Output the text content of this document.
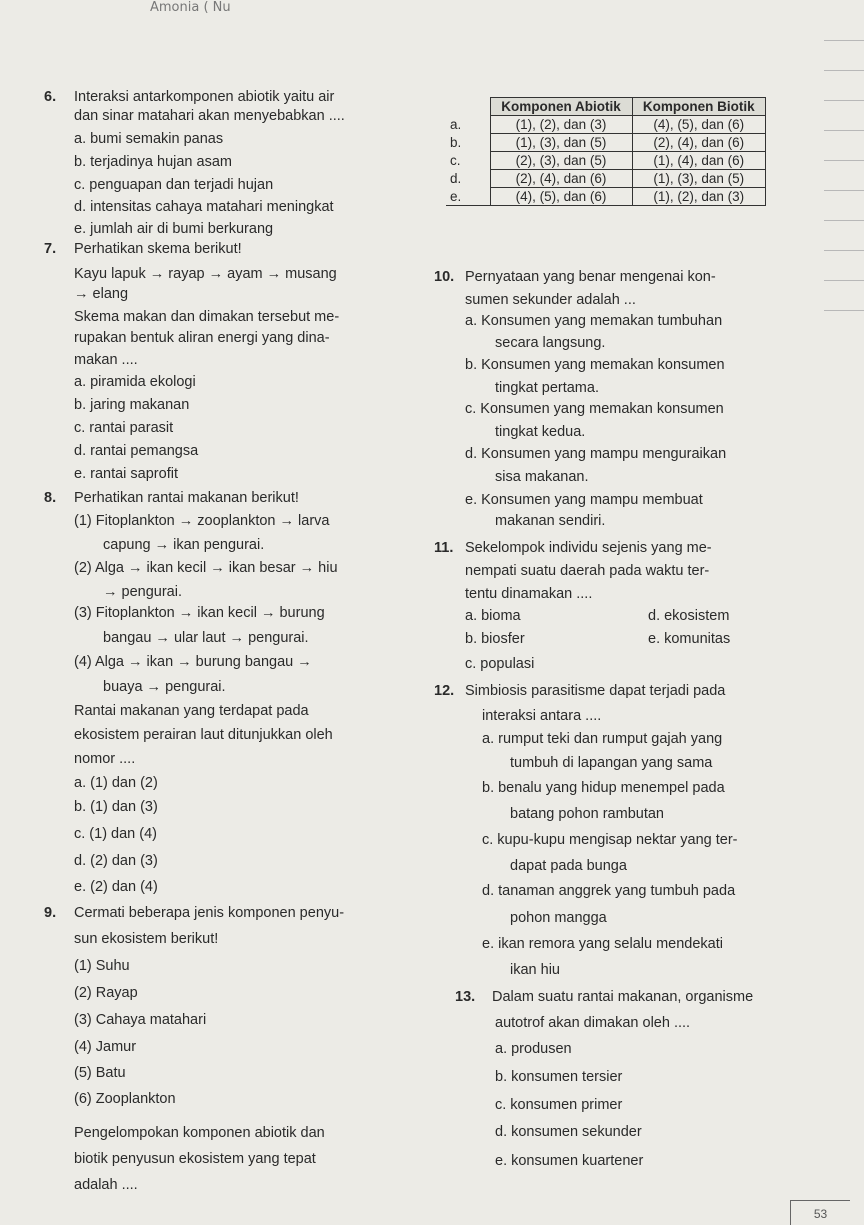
Amonia ( Nu
6. Interaksi antarkomponen abiotik yaitu air
dan sinar matahari akan menyebabkan ....
a. bumi semakin panas
b. terjadinya hujan asam
c. penguapan dan terjadi hujan
d. intensitas cahaya matahari meningkat
e. jumlah air di bumi berkurang
	Komponen Abiotik	Komponen Biotik
a.	(1), (2), dan (3)	(4), (5), dan (6)
b.	(1), (3), dan (5)	(2), (4), dan (6)
c.	(2), (3), dan (5)	(1), (4), dan (6)
d.	(2), (4), dan (6)	(1), (3), dan (5)
e.	(4), (5), dan (6)	(1), (2), dan (3)
7. Perhatikan skema berikut!
Kayu lapuk → rayap → ayam → musang
→ elang
Skema makan dan dimakan tersebut me-
rupakan bentuk aliran energi yang dina-
makan ....
a. piramida ekologi
b. jaring makanan
c. rantai parasit
d. rantai pemangsa
e. rantai saprofit
8. Perhatikan rantai makanan berikut!
(1) Fitoplankton → zooplankton → larva
capung → ikan pengurai.
(2) Alga → ikan kecil → ikan besar → hiu
→ pengurai.
(3) Fitoplankton → ikan kecil → burung
bangau → ular laut → pengurai.
(4) Alga → ikan → burung bangau →
buaya → pengurai.
Rantai makanan yang terdapat pada
ekosistem perairan laut ditunjukkan oleh
nomor ....
a. (1) dan (2)
b. (1) dan (3)
c. (1) dan (4)
d. (2) dan (3)
e. (2) dan (4)
9. Cermati beberapa jenis komponen penyu-
sun ekosistem berikut!
(1) Suhu
(2) Rayap
(3) Cahaya matahari
(4) Jamur
(5) Batu
(6) Zooplankton
Pengelompokan komponen abiotik dan
biotik penyusun ekosistem yang tepat
adalah ....
10. Pernyataan yang benar mengenai kon-
sumen sekunder adalah ...
a. Konsumen yang memakan tumbuhan
secara langsung.
b. Konsumen yang memakan konsumen
tingkat pertama.
c. Konsumen yang memakan konsumen
tingkat kedua.
d. Konsumen yang mampu menguraikan
sisa makanan.
e. Konsumen yang mampu membuat
makanan sendiri.
11. Sekelompok individu sejenis yang me-
nempati suatu daerah pada waktu ter-
tentu dinamakan ....
a. bioma	d. ekosistem
b. biosfer	e. komunitas
c. populasi
12. Simbiosis parasitisme dapat terjadi pada
interaksi antara ....
a. rumput teki dan rumput gajah yang
tumbuh di lapangan yang sama
b. benalu yang hidup menempel pada
batang pohon rambutan
c. kupu-kupu mengisap nektar yang ter-
dapat pada bunga
d. tanaman anggrek yang tumbuh pada
pohon mangga
e. ikan remora yang selalu mendekati
ikan hiu
13. Dalam suatu rantai makanan, organisme
autotrof akan dimakan oleh ....
a. produsen
b. konsumen tersier
c. konsumen primer
d. konsumen sekunder
e. konsumen kuartener
53
